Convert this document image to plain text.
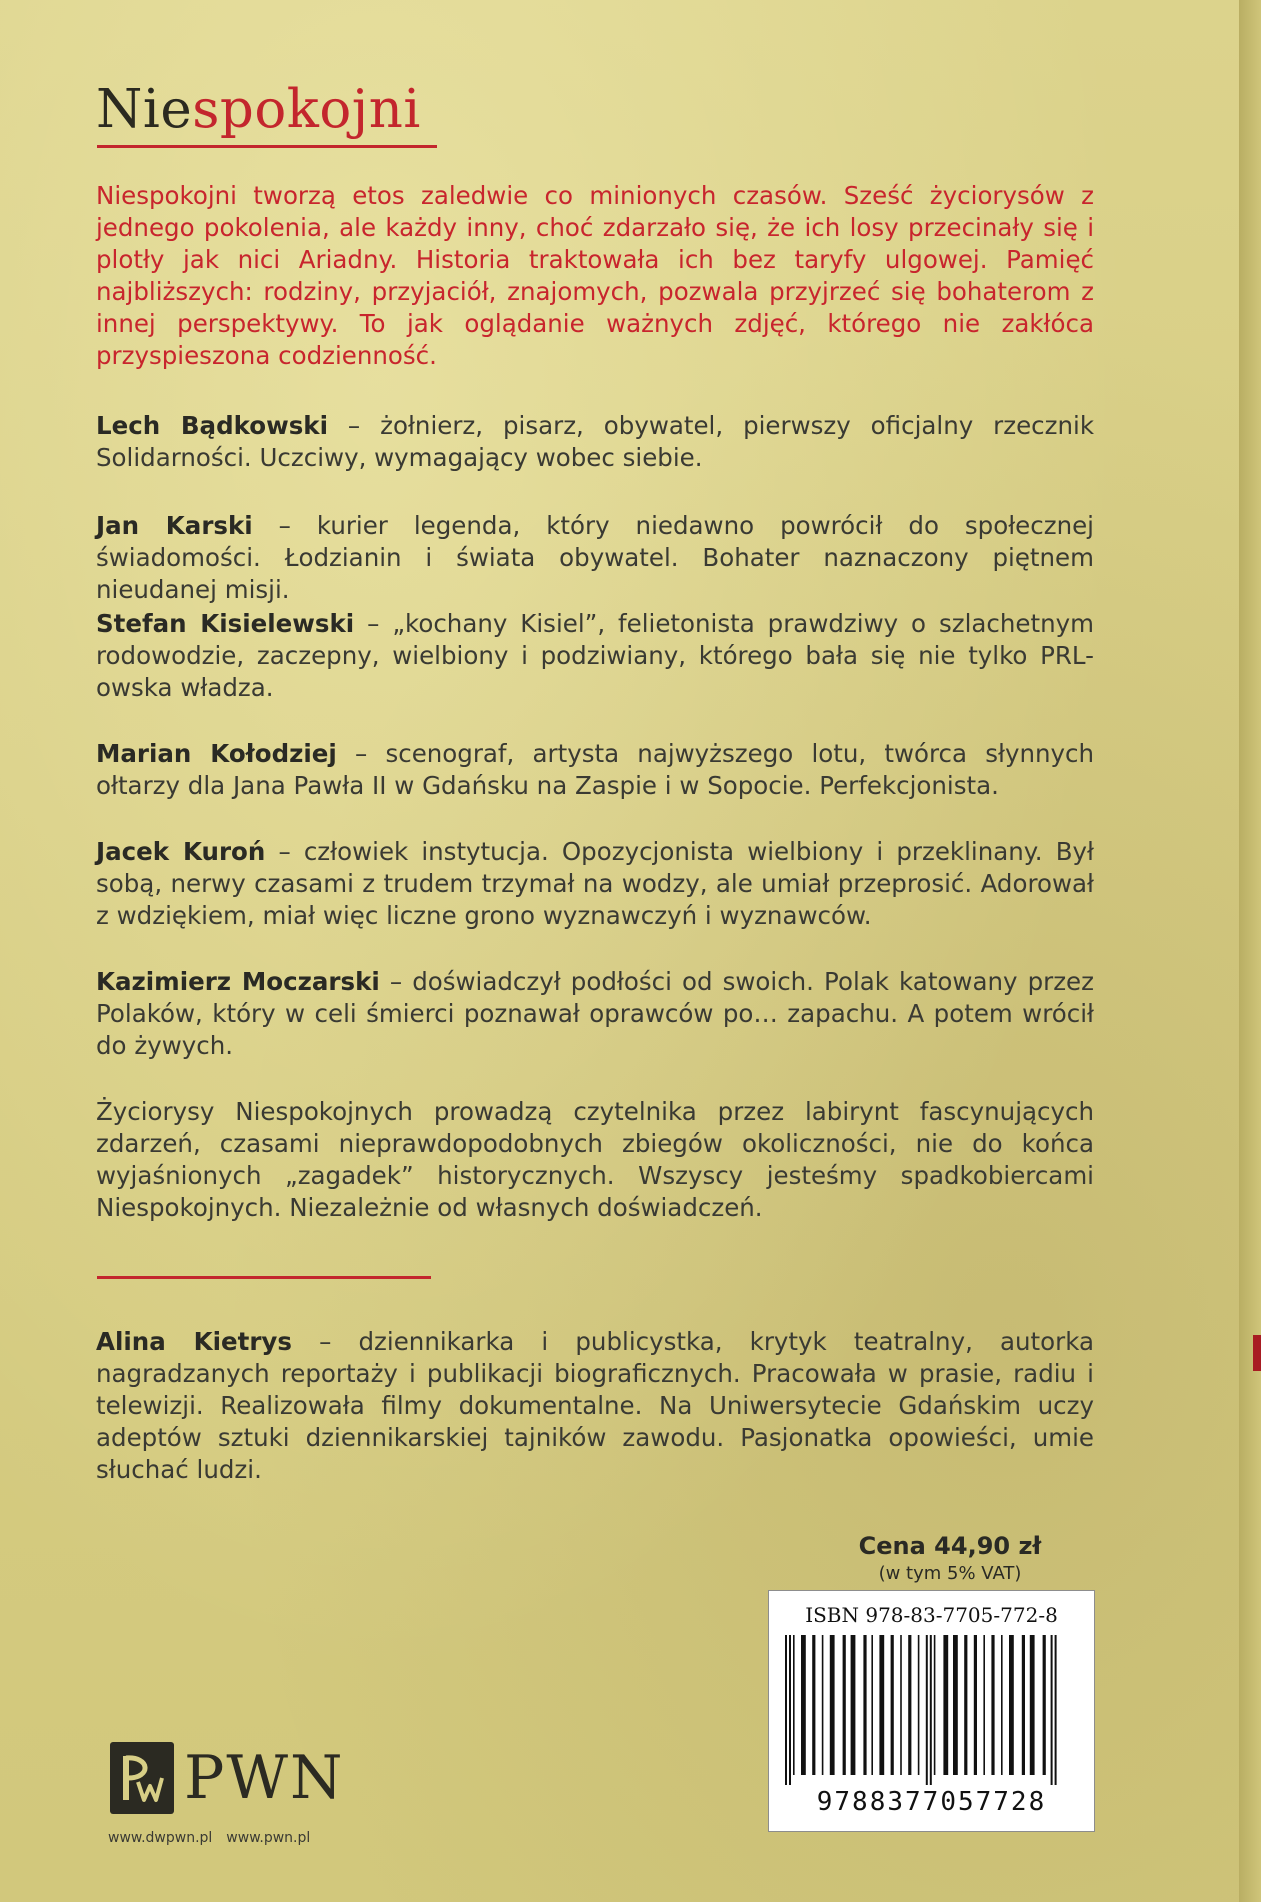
Niespokojni
Niespokojni tworzą etos zaledwie co minionych czasów. Sześć życiorysów z jednego pokolenia, ale każdy inny, choć zdarzało się, że ich losy przecinały się i plotły jak nici Ariadny. Historia traktowała ich bez taryfy ulgowej. Pamięć najbliższych: rodziny, przyjaciół, znajomych, pozwala przyjrzeć się bohaterom z innej perspektywy. To jak oglądanie ważnych zdjęć, którego nie zakłóca przyspieszona codzienność.
Lech Bądkowski – żołnierz, pisarz, obywatel, pierwszy oficjalny rzecznik Solidarności. Uczciwy, wymagający wobec siebie.
Jan Karski – kurier legenda, który niedawno powrócił do społecznej świadomości. Łodzianin i świata obywatel. Bohater naznaczony piętnem nieudanej misji.
Stefan Kisielewski – „kochany Kisiel”, felietonista prawdziwy o szlachetnym rodowodzie, zaczepny, wielbiony i podziwiany, którego bała się nie tylko PRL-owska władza.
Marian Kołodziej – scenograf, artysta najwyższego lotu, twórca słynnych ołtarzy dla Jana Pawła II w Gdańsku na Zaspie i w Sopocie. Perfekcjonista.
Jacek Kuroń – człowiek instytucja. Opozycjonista wielbiony i przeklinany. Był sobą, nerwy czasami z trudem trzymał na wodzy, ale umiał przeprosić. Adorował z wdziękiem, miał więc liczne grono wyznawczyń i wyznawców.
Kazimierz Moczarski – doświadczył podłości od swoich. Polak katowany przez Polaków, który w celi śmierci poznawał oprawców po… zapachu. A potem wrócił do żywych.
Życiorysy Niespokojnych prowadzą czytelnika przez labirynt fascynujących zdarzeń, czasami nieprawdopodobnych zbiegów okoliczności, nie do końca wyjaśnionych „zagadek” historycznych. Wszyscy jesteśmy spadkobiercami Niespokojnych. Niezależnie od własnych doświadczeń.
Alina Kietrys – dziennikarka i publicystka, krytyk teatralny, autorka nagradzanych reportaży i publikacji biograficznych. Pracowała w prasie, radiu i telewizji. Realizowała filmy dokumentalne. Na Uniwersytecie Gdańskim uczy adeptów sztuki dziennikarskiej tajników zawodu. Pasjonatka opowieści, umie słuchać ludzi.
Cena 44,90 zł
(w tym 5% VAT)
ISBN 978-83-7705-772-8
9788377057728
PWN
www.dwpwn.pl www.pwn.pl
